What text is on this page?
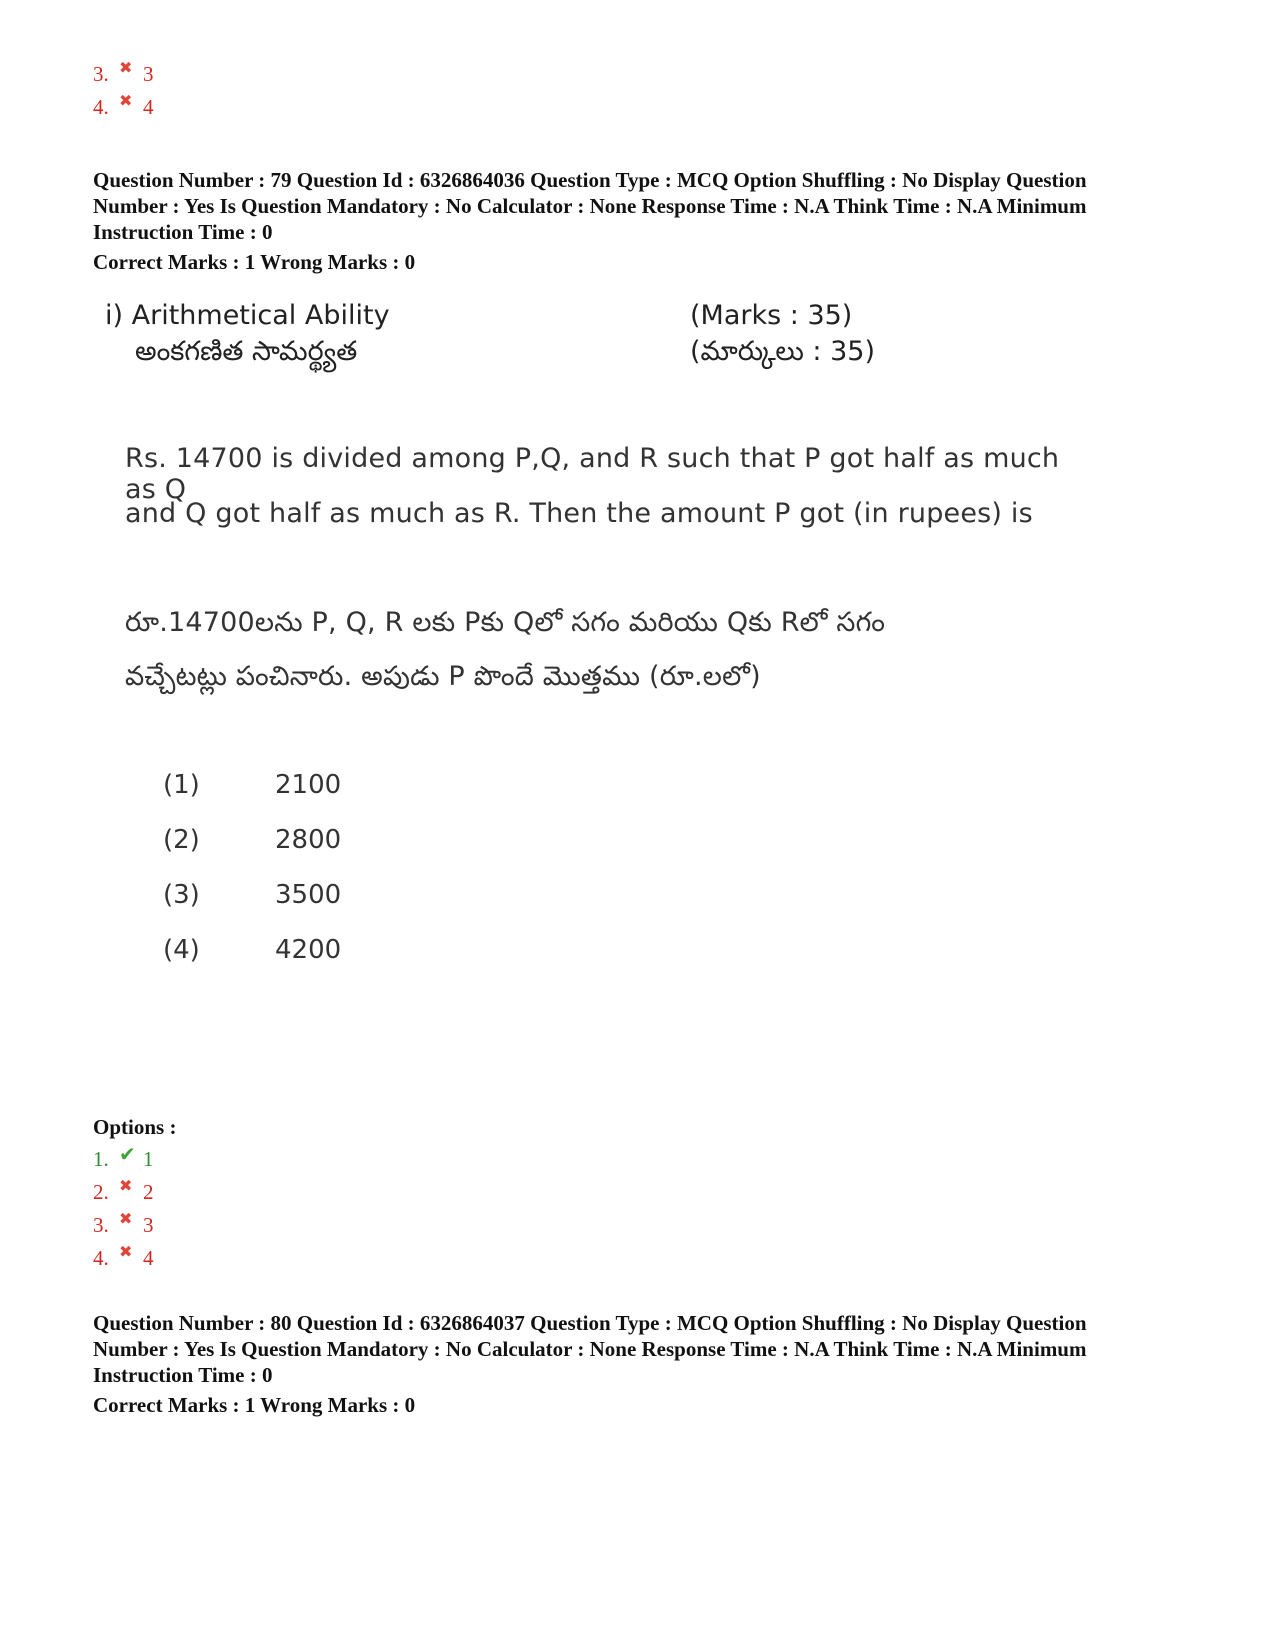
3. ✖ 3
4. ✖ 4
Question Number : 79 Question Id : 6326864036 Question Type : MCQ Option Shuffling : No Display Question
Number : Yes Is Question Mandatory : No Calculator : None Response Time : N.A Think Time : N.A Minimum
Instruction Time : 0
Correct Marks : 1 Wrong Marks : 0
i) Arithmetical Ability
అంకగణిత సామర్థ్యత
(Marks : 35)
(మార్కులు : 35)
Rs. 14700 is divided among P,Q, and R such that P got half as much as Q
and Q got half as much as R. Then the amount P got (in rupees) is
రూ.14700లను P, Q, R లకు Pకు Qలో సగం మరియు Qకు Rలో సగం
వచ్చేటట్లు పంచినారు. అపుడు P పొందే మొత్తము (రూ.లలో)
(1)	2100
(2)	2800
(3)	3500
(4)	4200
Options :
1. ✔ 1
2. ✖ 2
3. ✖ 3
4. ✖ 4
Question Number : 80 Question Id : 6326864037 Question Type : MCQ Option Shuffling : No Display Question
Number : Yes Is Question Mandatory : No Calculator : None Response Time : N.A Think Time : N.A Minimum
Instruction Time : 0
Correct Marks : 1 Wrong Marks : 0
